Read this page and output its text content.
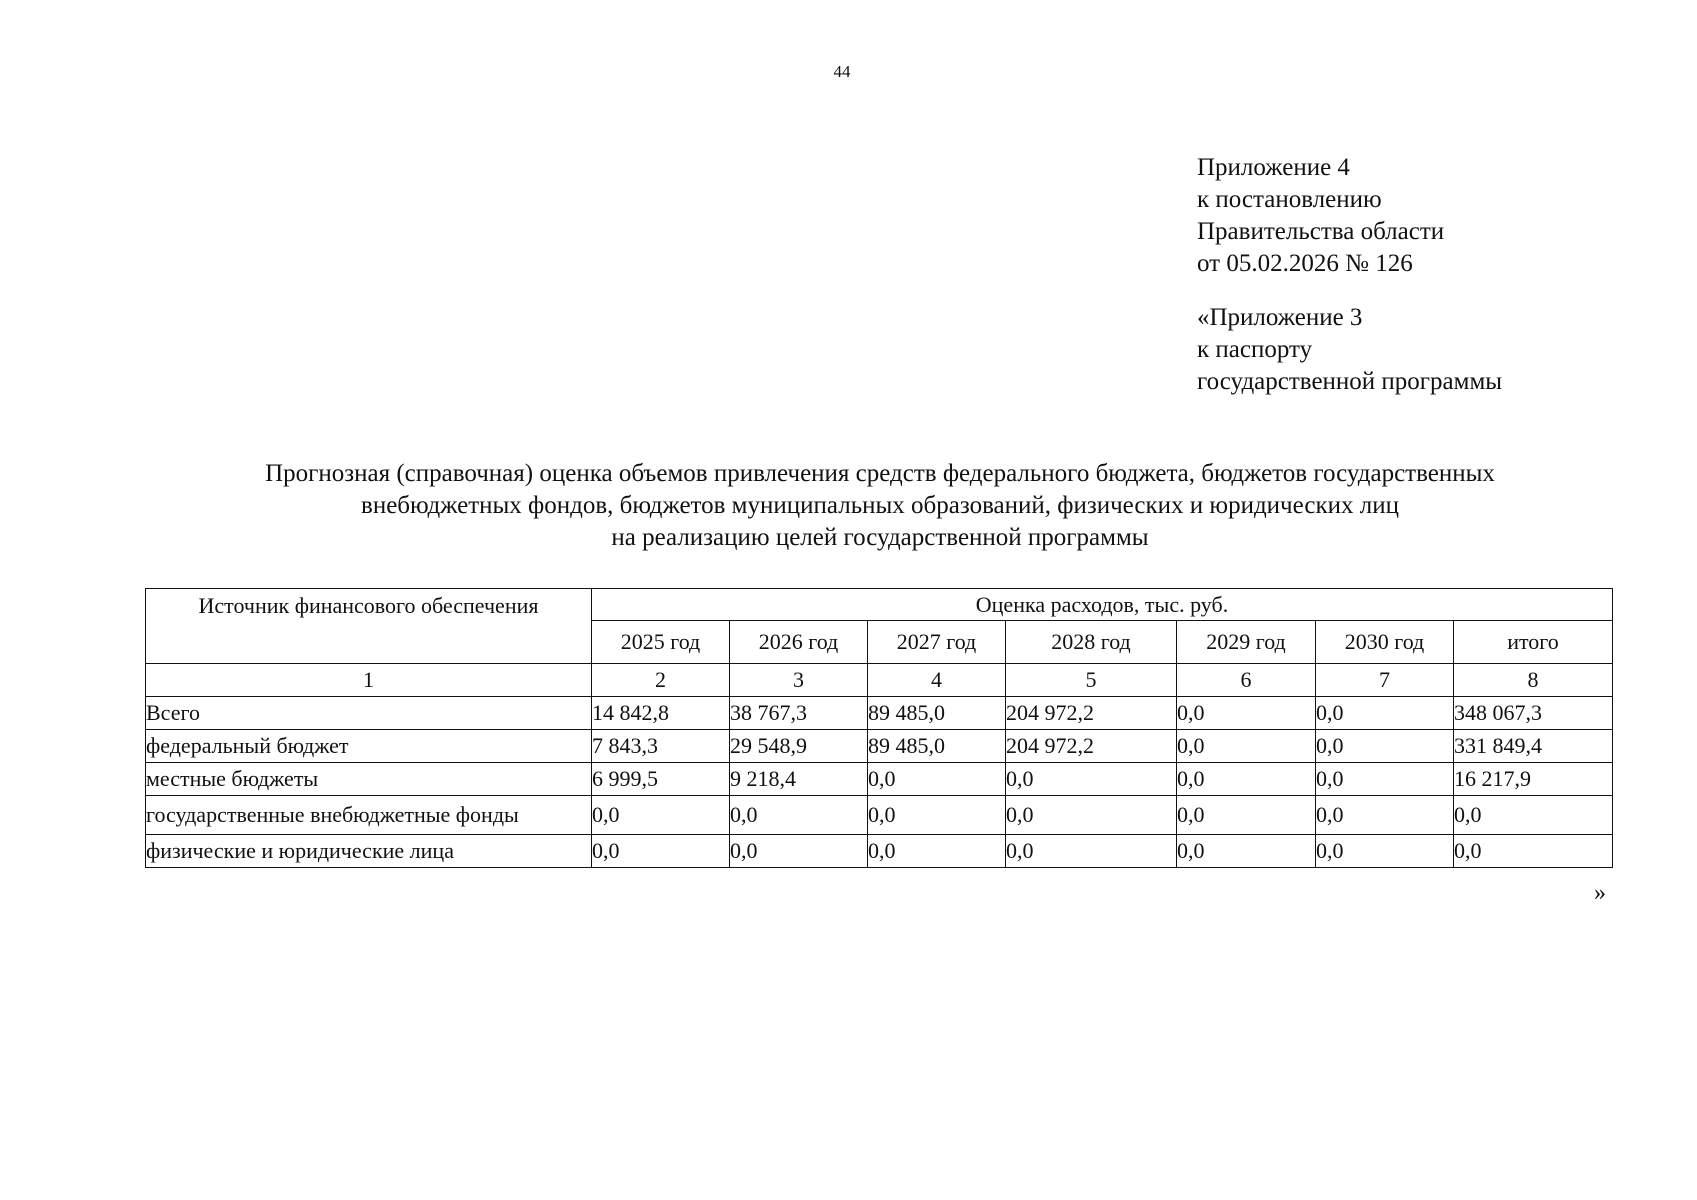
44
Приложение 4
к постановлению
Правительства области
от 05.02.2026 № 126
«Приложение 3
к паспорту
государственной программы
Прогнозная (справочная) оценка объемов привлечения средств федерального бюджета, бюджетов государственных
внебюджетных фондов, бюджетов муниципальных образований, физических и юридических лиц
на реализацию целей государственной программы
Источник финансового обеспечения	Оценка расходов, тыс. руб.						
	2025 год	2026 год	2027 год	2028 год	2029 год	2030 год	итого
1	2	3	4	5	6	7	8
Всего	14 842,8	38 767,3	89 485,0	204 972,2	0,0	0,0	348 067,3
федеральный бюджет	7 843,3	29 548,9	89 485,0	204 972,2	0,0	0,0	331 849,4
местные бюджеты	6 999,5	9 218,4	0,0	0,0	0,0	0,0	16 217,9
государственные внебюджетные фонды	0,0	0,0	0,0	0,0	0,0	0,0	0,0
физические и юридические лица	0,0	0,0	0,0	0,0	0,0	0,0	0,0
»
